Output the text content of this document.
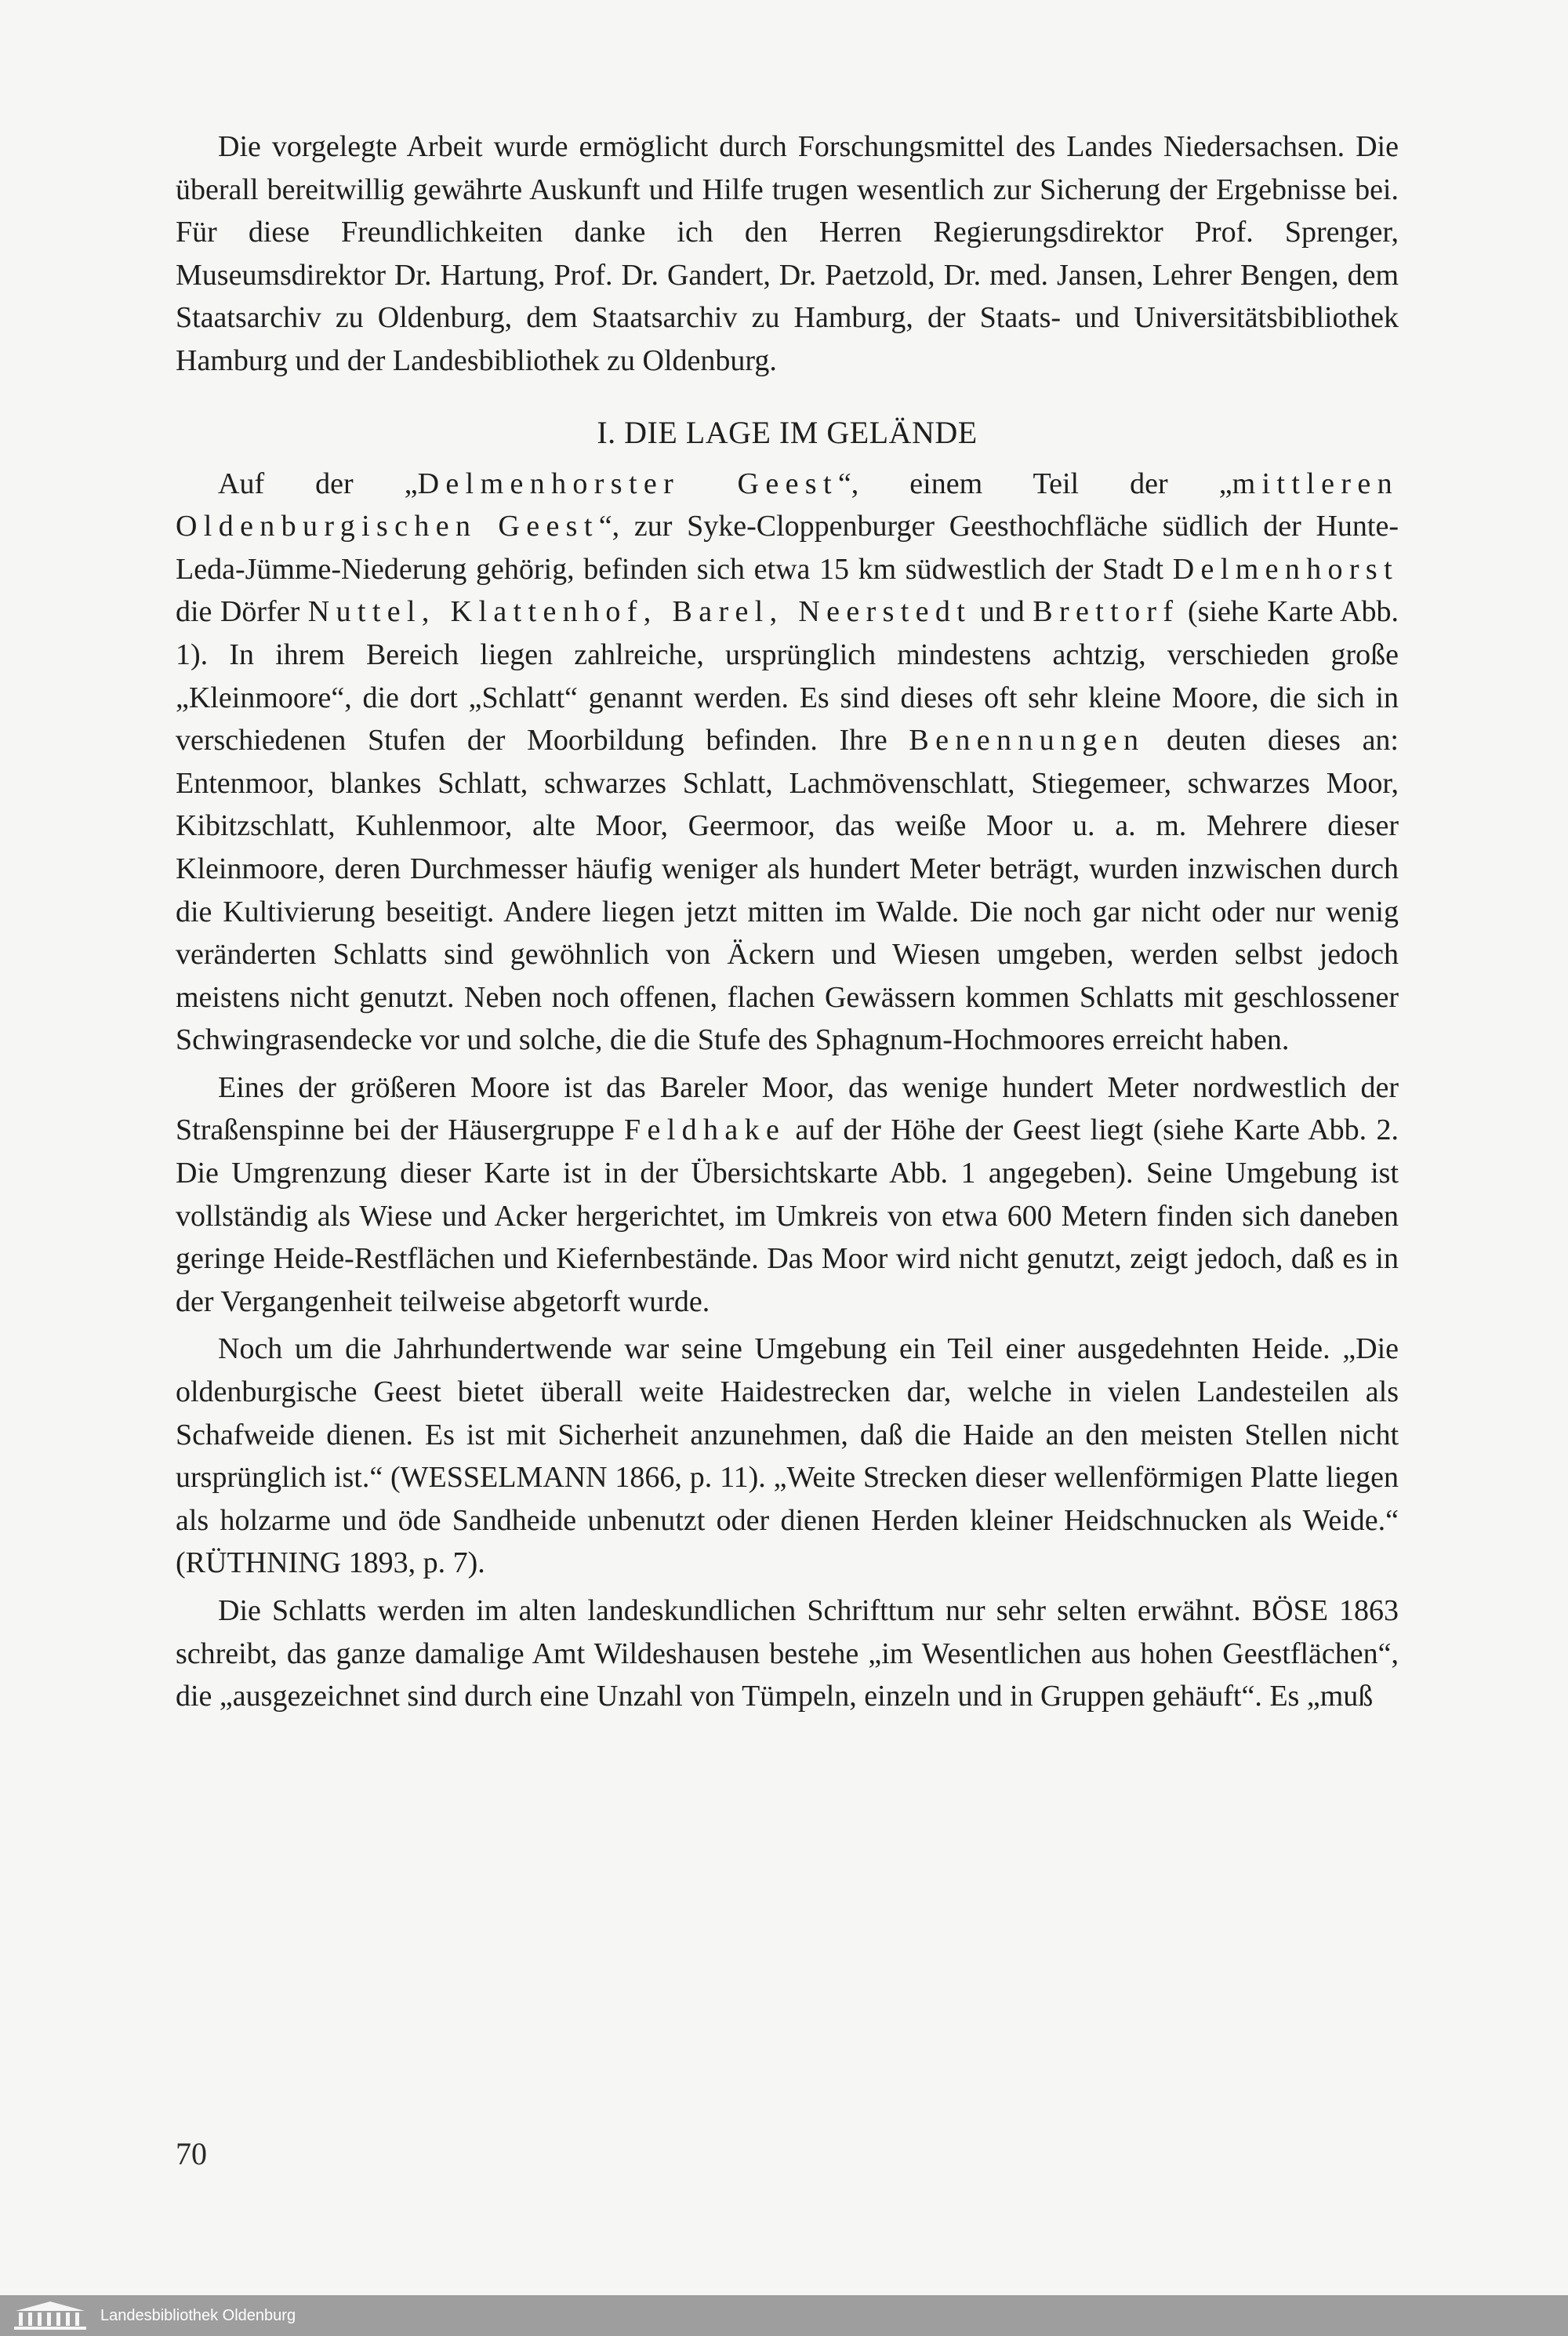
Die vorgelegte Arbeit wurde ermöglicht durch Forschungsmittel des Landes Niedersachsen. Die überall bereitwillig gewährte Auskunft und Hilfe trugen wesentlich zur Sicherung der Ergebnisse bei. Für diese Freundlichkeiten danke ich den Herren Regierungsdirektor Prof. Sprenger, Museumsdirektor Dr. Hartung, Prof. Dr. Gandert, Dr. Paetzold, Dr. med. Jansen, Lehrer Bengen, dem Staatsarchiv zu Oldenburg, dem Staatsarchiv zu Hamburg, der Staats- und Universitätsbibliothek Hamburg und der Landesbibliothek zu Oldenburg.

I. DIE LAGE IM GELÄNDE

Auf der „Delmenhorster Geest“, einem Teil der „mittleren Oldenburgischen Geest“, zur Syke-Cloppenburger Geesthochfläche südlich der Hunte-Leda-Jümme-Niederung gehörig, befinden sich etwa 15 km südwestlich der Stadt Delmenhorst die Dörfer Nuttel, Klattenhof, Barel, Neerstedt und Brettorf (siehe Karte Abb. 1). In ihrem Bereich liegen zahlreiche, ursprünglich mindestens achtzig, verschieden große „Kleinmoore“, die dort „Schlatt“ genannt werden. Es sind dieses oft sehr kleine Moore, die sich in verschiedenen Stufen der Moorbildung befinden. Ihre Benennungen deuten dieses an: Entenmoor, blankes Schlatt, schwarzes Schlatt, Lachmövenschlatt, Stiegemeer, schwarzes Moor, Kibitzschlatt, Kuhlenmoor, alte Moor, Geermoor, das weiße Moor u. a. m. Mehrere dieser Kleinmoore, deren Durchmesser häufig weniger als hundert Meter beträgt, wurden inzwischen durch die Kultivierung beseitigt. Andere liegen jetzt mitten im Walde. Die noch gar nicht oder nur wenig veränderten Schlatts sind gewöhnlich von Äckern und Wiesen umgeben, werden selbst jedoch meistens nicht genutzt. Neben noch offenen, flachen Gewässern kommen Schlatts mit geschlossener Schwingrasendecke vor und solche, die die Stufe des Sphagnum-Hochmoores erreicht haben.

Eines der größeren Moore ist das Bareler Moor, das wenige hundert Meter nordwestlich der Straßenspinne bei der Häusergruppe Feldhake auf der Höhe der Geest liegt (siehe Karte Abb. 2. Die Umgrenzung dieser Karte ist in der Übersichtskarte Abb. 1 angegeben). Seine Umgebung ist vollständig als Wiese und Acker hergerichtet, im Umkreis von etwa 600 Metern finden sich daneben geringe Heide-Restflächen und Kiefernbestände. Das Moor wird nicht genutzt, zeigt jedoch, daß es in der Vergangenheit teilweise abgetorft wurde.

Noch um die Jahrhundertwende war seine Umgebung ein Teil einer ausgedehnten Heide. „Die oldenburgische Geest bietet überall weite Haidestrecken dar, welche in vielen Landesteilen als Schafweide dienen. Es ist mit Sicherheit anzunehmen, daß die Haide an den meisten Stellen nicht ursprünglich ist.“ (WESSELMANN 1866, p. 11). „Weite Strecken dieser wellenförmigen Platte liegen als holzarme und öde Sandheide unbenutzt oder dienen Herden kleiner Heidschnucken als Weide.“ (RÜTHNING 1893, p. 7).

Die Schlatts werden im alten landeskundlichen Schrifttum nur sehr selten erwähnt. BÖSE 1863 schreibt, das ganze damalige Amt Wildeshausen bestehe „im Wesentlichen aus hohen Geestflächen“, die „ausgezeichnet sind durch eine Unzahl von Tümpeln, einzeln und in Gruppen gehäuft“. Es „muß

70
Landesbibliothek Oldenburg
